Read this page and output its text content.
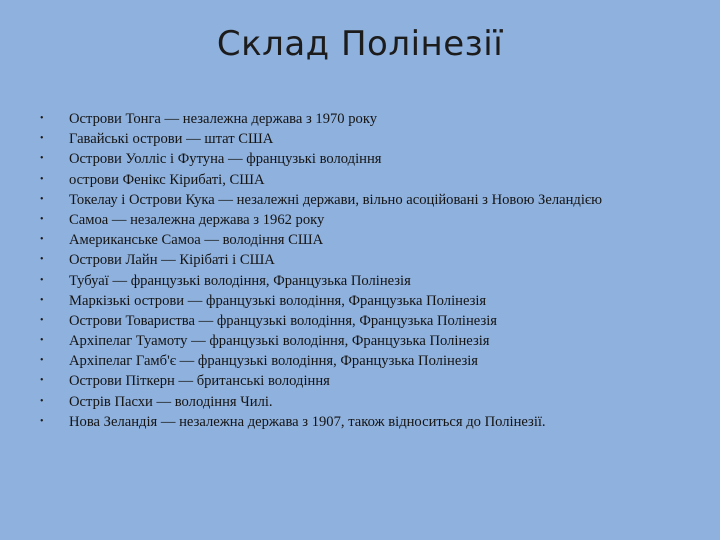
Склад Полінезії
• Острови Тонга — незалежна держава з 1970 року
• Гавайські острови — штат США
• Острови Уолліс і Футуна — французькі володіння
• острови Фенікс Кірибаті, США
• Токелау і Острови Кука — незалежні держави, вільно асоційовані з Новою Зеландією
• Самоа — незалежна держава з 1962 року
• Американське Самоа — володіння США
• Острови Лайн — Кірібаті і США
• Тубуаї — французькі володіння, Французька Полінезія
• Маркізькі острови — французькі володіння, Французька Полінезія
• Острови Товариства — французькі володіння, Французька Полінезія
• Архіпелаг Туамоту — французькі володіння, Французька Полінезія
• Архіпелаг Гамб'є — французькі володіння, Французька Полінезія
• Острови Піткерн — британські володіння
• Острів Пасхи — володіння Чилі.
• Нова Зеландія — незалежна держава з 1907, також відноситься до Полінезії.
